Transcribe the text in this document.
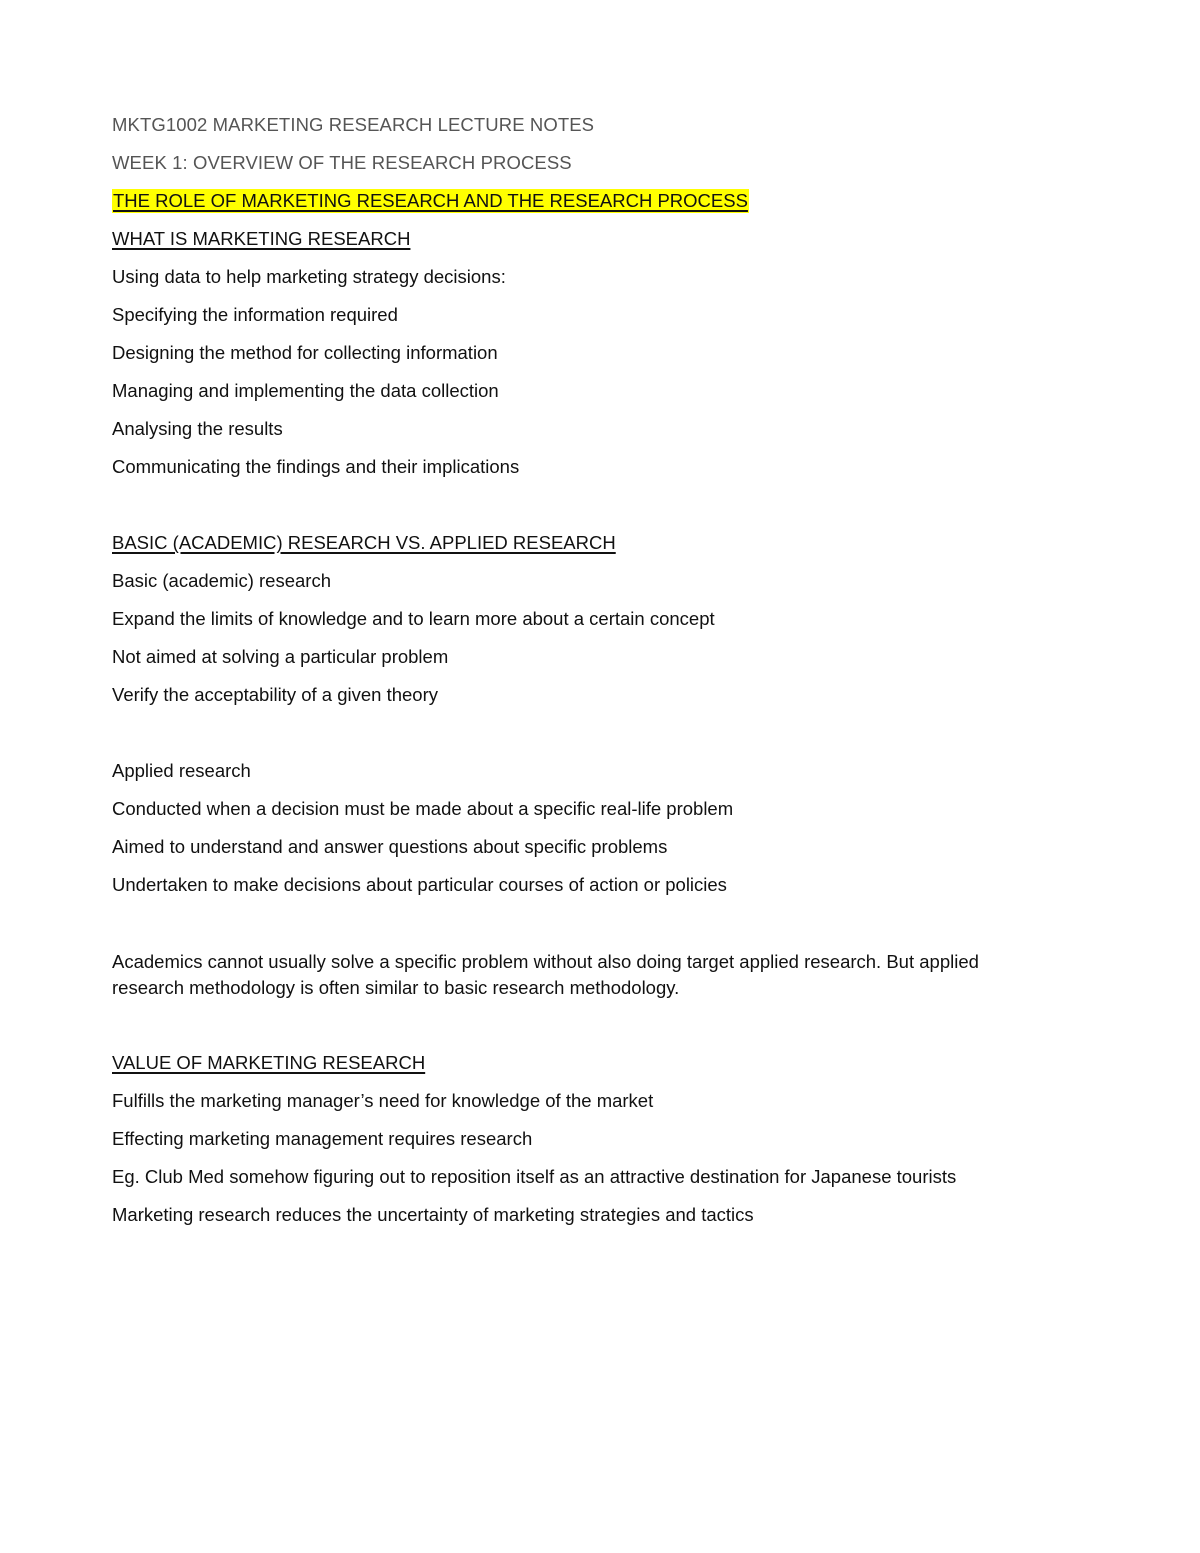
MKTG1002 MARKETING RESEARCH LECTURE NOTES
WEEK 1: OVERVIEW OF THE RESEARCH PROCESS
THE ROLE OF MARKETING RESEARCH AND THE RESEARCH PROCESS
WHAT IS MARKETING RESEARCH
Using data to help marketing strategy decisions:
Specifying the information required
Designing the method for collecting information
Managing and implementing the data collection
Analysing the results
Communicating the findings and their implications
BASIC (ACADEMIC) RESEARCH VS. APPLIED RESEARCH
Basic (academic) research
Expand the limits of knowledge and to learn more about a certain concept
Not aimed at solving a particular problem
Verify the acceptability of a given theory
Applied research
Conducted when a decision must be made about a specific real-life problem
Aimed to understand and answer questions about specific problems
Undertaken to make decisions about particular courses of action or policies
Academics cannot usually solve a specific problem without also doing target applied research. But applied research methodology is often similar to basic research methodology.
VALUE OF MARKETING RESEARCH
Fulfills the marketing manager’s need for knowledge of the market
Effecting marketing management requires research
Eg. Club Med somehow figuring out to reposition itself as an attractive destination for Japanese tourists
Marketing research reduces the uncertainty of marketing strategies and tactics
